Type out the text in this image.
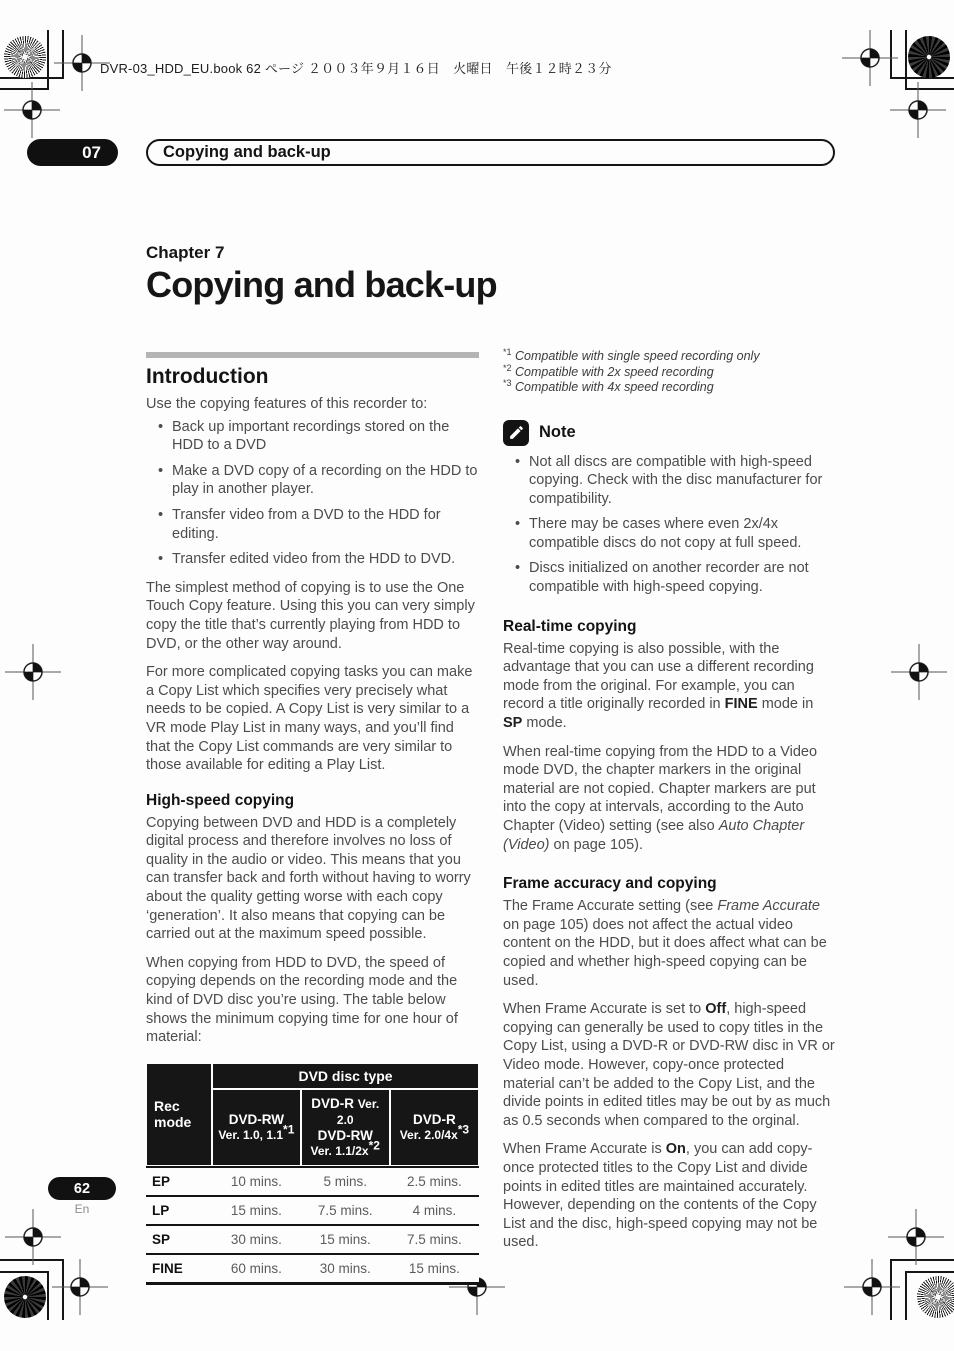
DVR-03_HDD_EU.book 62 ページ ２００３年９月１６日　火曜日　午後１２時２３分
07	Copying and back-up
Chapter 7
Copying and back-up
Introduction

Use the copying features of this recorder to:

• Back up important recordings stored on the HDD to a DVD
• Make a DVD copy of a recording on the HDD to play in another player.
• Transfer video from a DVD to the HDD for editing.
• Transfer edited video from the HDD to DVD.

The simplest method of copying is to use the One Touch Copy feature. Using this you can very simply copy the title that’s currently playing from HDD to DVD, or the other way around.

For more complicated copying tasks you can make a Copy List which specifies very precisely what needs to be copied. A Copy List is very similar to a VR mode Play List in many ways, and you’ll find that the Copy List commands are very similar to those available for editing a Play List.

High-speed copying

Copying between DVD and HDD is a completely digital process and therefore involves no loss of quality in the audio or video. This means that you can transfer back and forth without having to worry about the quality getting worse with each copy ‘generation’. It also means that copying can be carried out at the maximum speed possible.

When copying from HDD to DVD, the speed of copying depends on the recording mode and the kind of DVD disc you’re using. The table below shows the minimum copying time for one hour of material:

Rec mode	DVD disc type		

DVD-RW
Ver. 1.0, 1.1$^{*1}$

DVD-R Ver. 2.0
DVD-RW
Ver. $1.1/2x^{*2}$

DVD-R
Ver. $2.0/4x^{*3}$

EP	10 mins.	5 mins.	2.5 mins.
LP	15 mins.	7.5 mins.	4 mins.
SP	30 mins.	15 mins.	7.5 mins.
FINE	60 mins.	30 mins.	15 mins.
$^{*1}$ Compatible with single speed recording only
$^{*2}$ Compatible with 2x speed recording
$^{*3}$ Compatible with 4x speed recording
Note
• Not all discs are compatible with high-speed copying. Check with the disc manufacturer for compatibility.
• There may be cases where even 2x/4x compatible discs do not copy at full speed.
• Discs initialized on another recorder are not compatible with high-speed copying.
Real-time copying

Real-time copying is also possible, with the advantage that you can use a different recording mode from the original. For example, you can record a title originally recorded in FINE mode in SP mode.

When real-time copying from the HDD to a Video mode DVD, the chapter markers in the original material are not copied. Chapter markers are put into the copy at intervals, according to the Auto Chapter (Video) setting (see also Auto Chapter (Video) on page 105).

Frame accuracy and copying

The Frame Accurate setting (see Frame Accurate on page 105) does not affect the actual video content on the HDD, but it does affect what can be copied and whether high-speed copying can be used.

When Frame Accurate is set to Off, high-speed copying can generally be used to copy titles in the Copy List, using a DVD-R or DVD-RW disc in VR or Video mode. However, copy-once protected material can’t be added to the Copy List, and the divide points in edited titles may be out by as much as 0.5 seconds when compared to the orginal.

When Frame Accurate is On, you can add copy-once protected titles to the Copy List and divide points in edited titles are maintained accurately. However, depending on the contents of the Copy List and the disc, high-speed copying may not be used.

62
En
